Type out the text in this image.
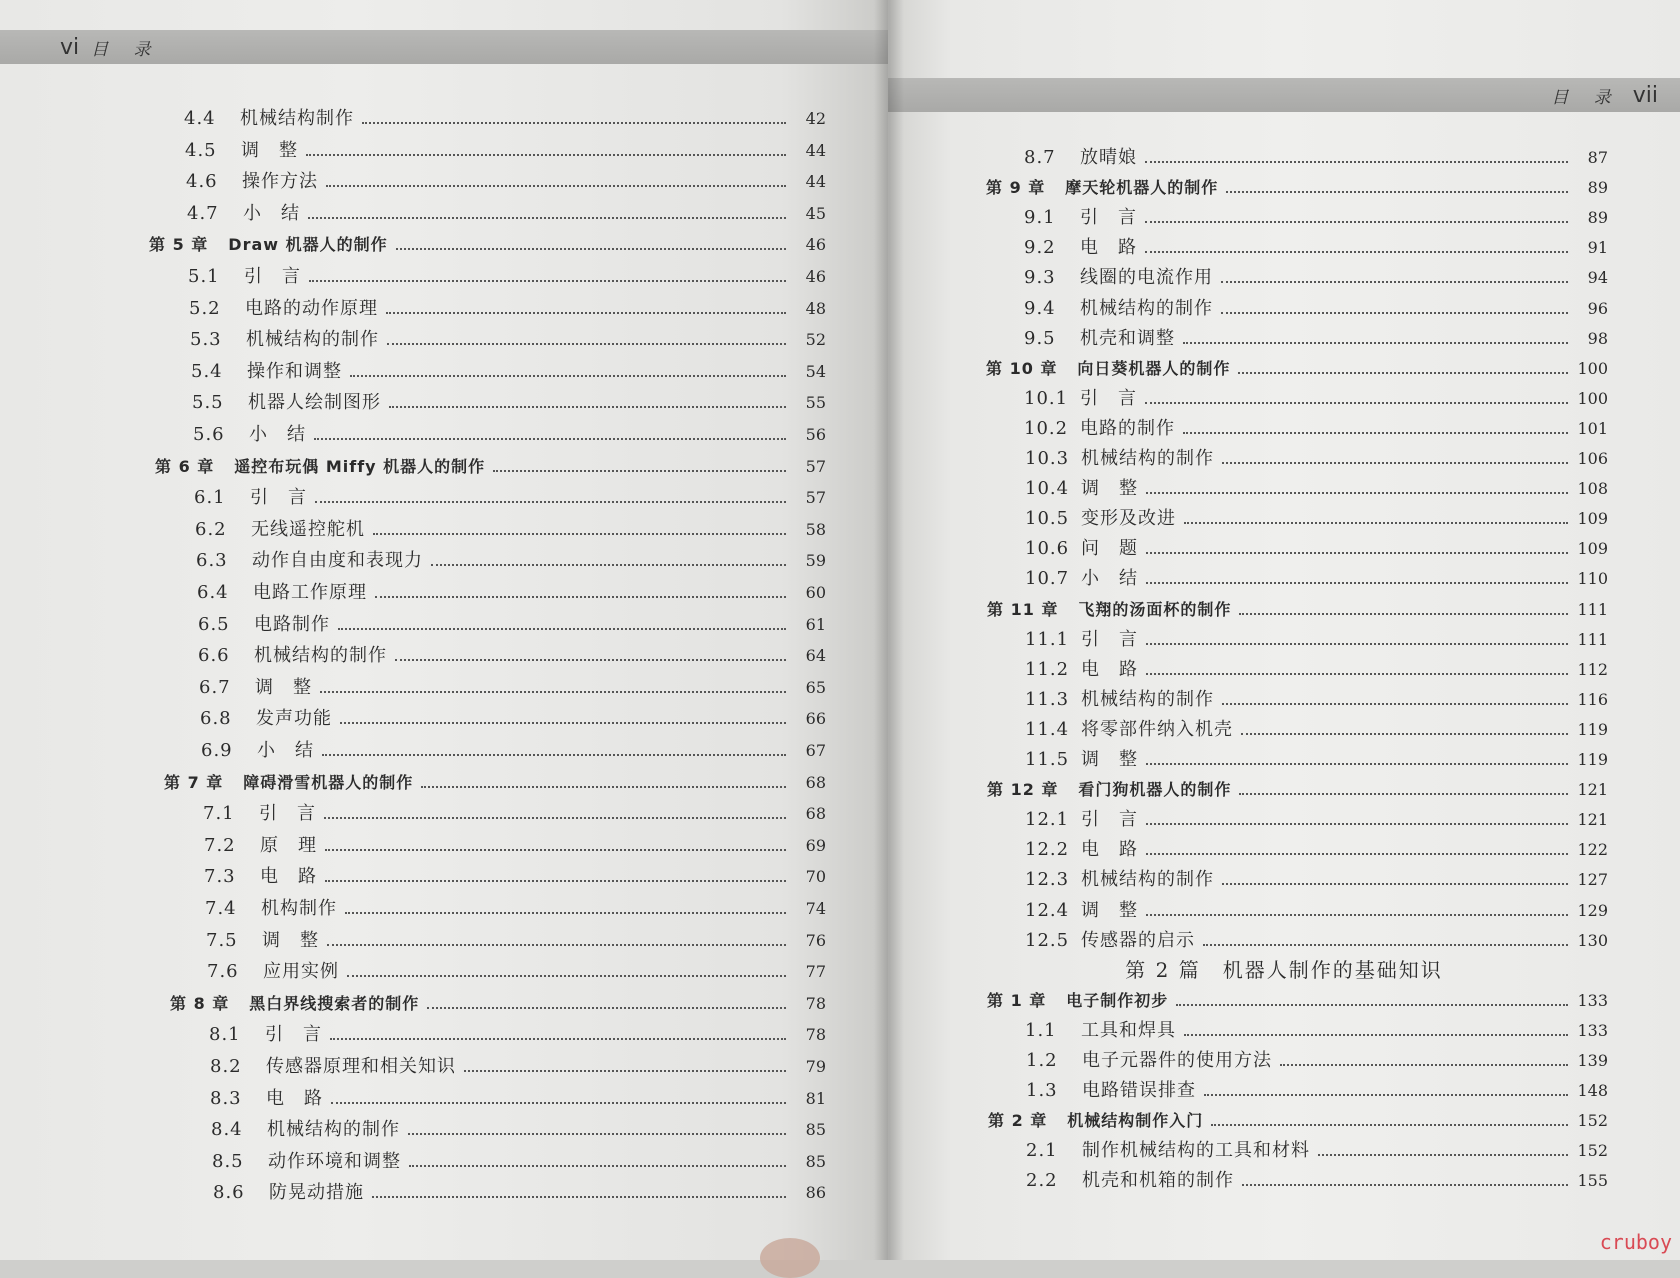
vi 目 录
4.4	机械结构制作	42
4.5	调　整	44
4.6	操作方法	44
4.7	小　结	45
第 5 章 Draw 机器人的制作	46
5.1	引　言	46
5.2	电路的动作原理	48
5.3	机械结构的制作	52
5.4	操作和调整	54
5.5	机器人绘制图形	55
5.6	小　结	56
第 6 章 遥控布玩偶 Miffy 机器人的制作	57
6.1	引　言	57
6.2	无线遥控舵机	58
6.3	动作自由度和表现力	59
6.4	电路工作原理	60
6.5	电路制作	61
6.6	机械结构的制作	64
6.7	调　整	65
6.8	发声功能	66
6.9	小　结	67
第 7 章 障碍滑雪机器人的制作	68
7.1	引　言	68
7.2	原　理	69
7.3	电　路	70
7.4	机构制作	74
7.5	调　整	76
7.6	应用实例	77
第 8 章 黑白界线搜索者的制作	78
8.1	引　言	78
8.2	传感器原理和相关知识	79
8.3	电　路	81
8.4	机械结构的制作	85
8.5	动作环境和调整	85
8.6	防晃动措施	86
目 录 vii
8.7	放晴娘	87
第 9 章 摩天轮机器人的制作	89
9.1	引　言	89
9.2	电　路	91
9.3	线圈的电流作用	94
9.4	机械结构的制作	96
9.5	机壳和调整	98
第 10 章 向日葵机器人的制作	100
10.1 引　言	100
10.2 电路的制作	101
10.3 机械结构的制作	106
10.4 调　整	108
10.5 变形及改进	109
10.6 问　题	109
10.7 小　结	110
第 11 章 飞翔的汤面杯的制作	111
11.1 引　言	111
11.2 电　路	112
11.3 机械结构的制作	116
11.4 将零部件纳入机壳	119
11.5 调　整	119
第 12 章 看门狗机器人的制作	121
12.1 引　言	121
12.2 电　路	122
12.3 机械结构的制作	127
12.4 调　整	129
12.5 传感器的启示	130
第 2 篇　机器人制作的基础知识
第 1 章 电子制作初步	133
1.1	工具和焊具	133
1.2	电子元器件的使用方法	139
1.3	电路错误排查	148
第 2 章 机械结构制作入门	152
2.1	制作机械结构的工具和材料	152
2.2	机壳和机箱的制作	155
cruboy
